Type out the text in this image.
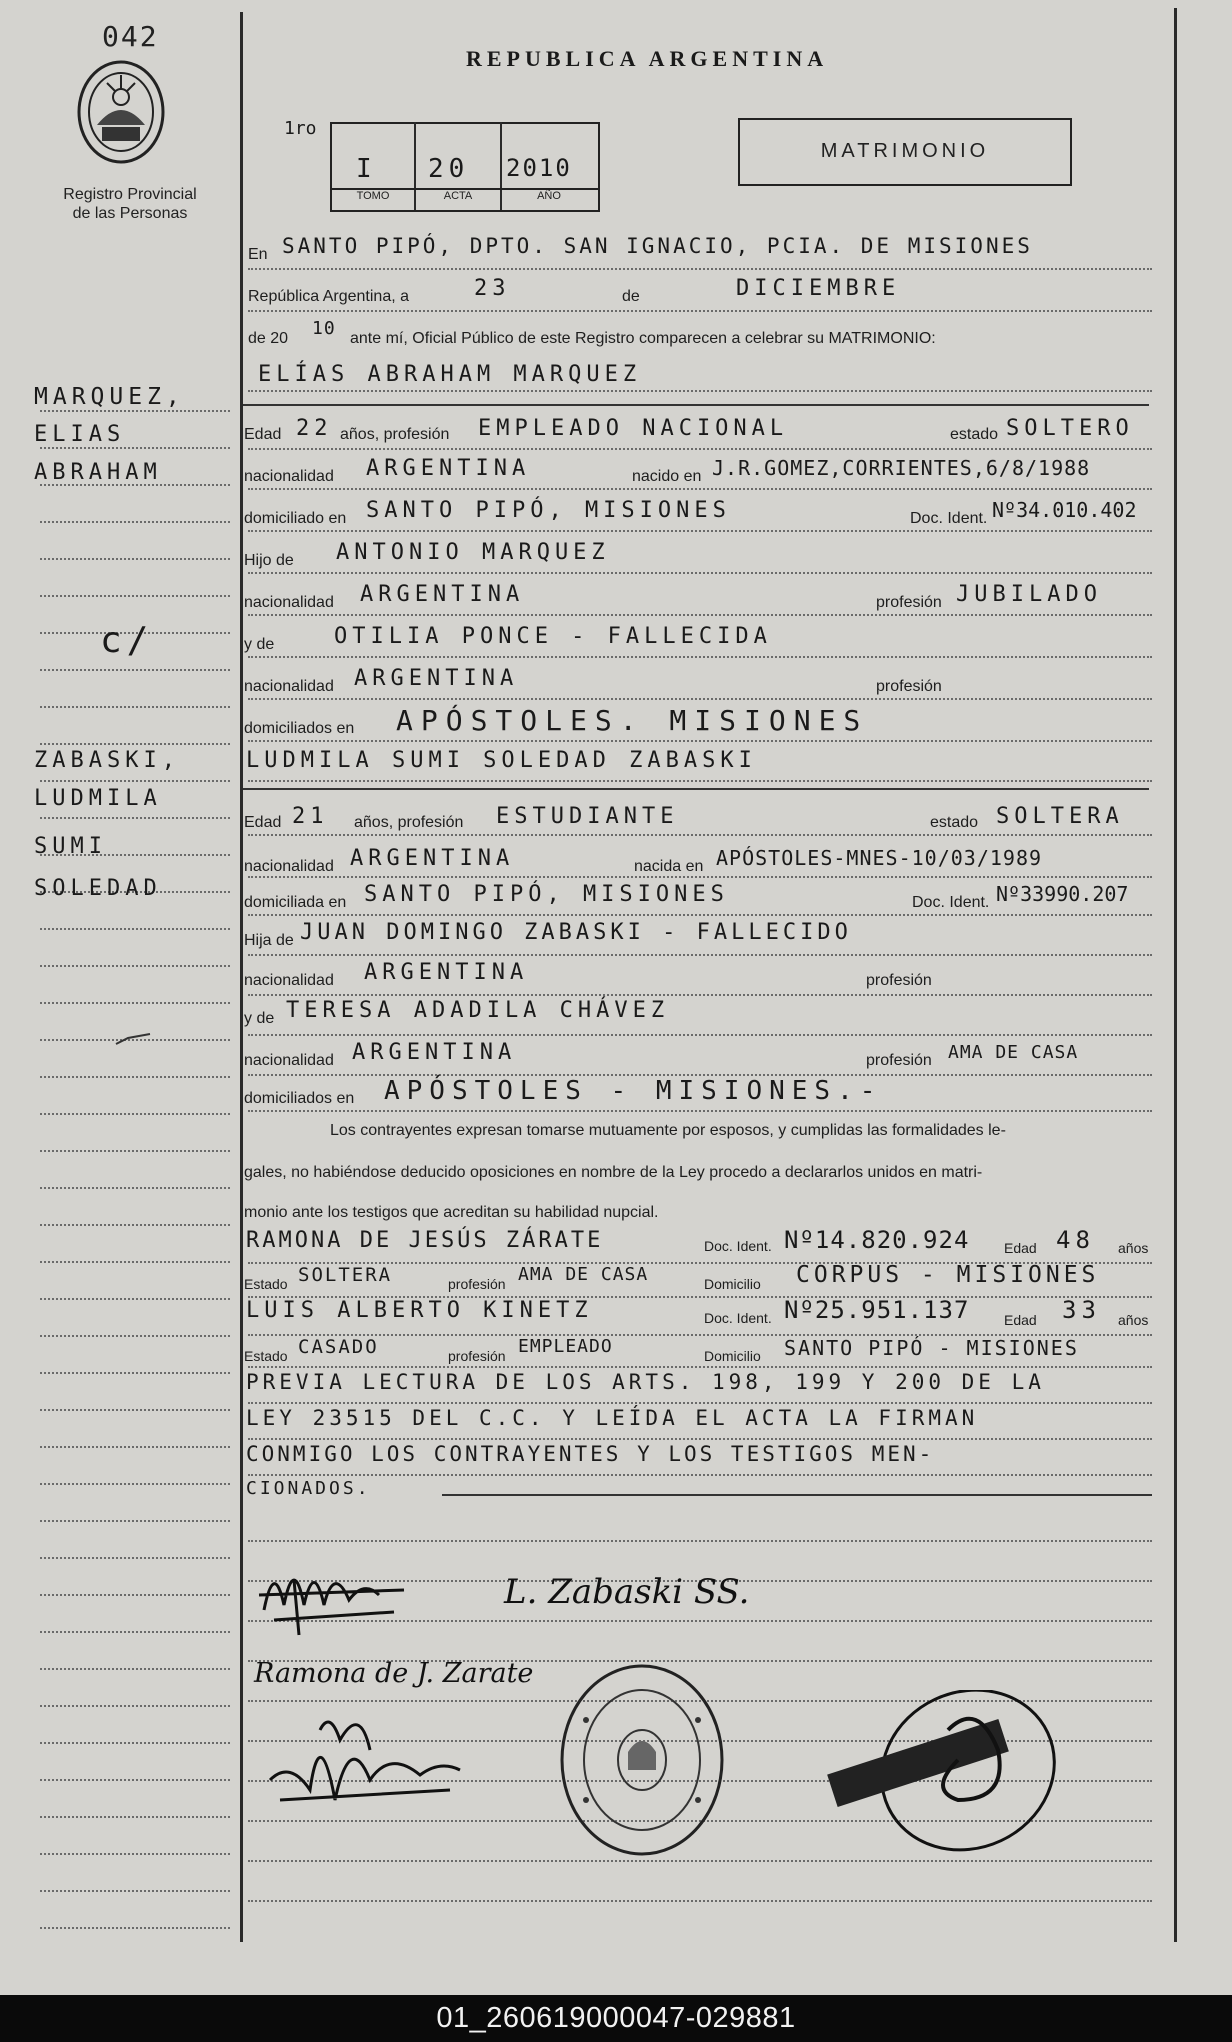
042
Registro Provincial
de las Personas
MARQUEZ,
ELIAS
ABRAHAM
c/
ZABASKI,
LUDMILA
SUMI
SOLEDAD
REPUBLICA ARGENTINA
1ro
I 20 2010
TOMO	ACTA	AÑO
MATRIMONIO
En SANTO PIPÓ, DPTO. SAN IGNACIO, PCIA. DE MISIONES
República Argentina, a	23	de	DICIEMBRE
de 20 10 ante mí, Oficial Público de este Registro comparecen a celebrar su MATRIMONIO:
ELÍAS ABRAHAM MARQUEZ
Edad 22 años, profesión EMPLEADO NACIONAL	estado SOLTERO
nacionalidad ARGENTINA	nacido en J.R.GOMEZ,CORRIENTES,6/8/1988
domiciliado en SANTO PIPÓ, MISIONES	Doc. Ident. Nº34.010.402
Hijo de ANTONIO MARQUEZ
nacionalidad ARGENTINA	profesión JUBILADO
y de	OTILIA PONCE - FALLECIDA
nacionalidad ARGENTINA	profesión
domiciliados en APÓSTOLES. MISIONES
LUDMILA SUMI SOLEDAD ZABASKI
Edad 21 años, profesión ESTUDIANTE	estado SOLTERA
nacionalidad ARGENTINA	nacida en APÓSTOLES-MNES-10/03/1989
domiciliada en SANTO PIPÓ, MISIONES	Doc. Ident. Nº33990.207
Hija de JUAN DOMINGO ZABASKI - FALLECIDO
nacionalidad ARGENTINA	profesión
y de TERESA ADADILA CHÁVEZ
nacionalidad ARGENTINA	profesión AMA DE CASA
domiciliados en APÓSTOLES - MISIONES.-
Los contrayentes expresan tomarse mutuamente por esposos, y cumplidas las formalidades le-
gales, no habiéndose deducido oposiciones en nombre de la Ley procedo a declararlos unidos en matri-
monio ante los testigos que acreditan su habilidad nupcial.
RAMONA DE JESÚS ZÁRATE	Doc. Ident. Nº14.820.924 Edad 48 años
Estado SOLTERA	profesión AMA DE CASA	Domicilio CORPUS - MISIONES
LUIS ALBERTO KINETZ	Doc. Ident. Nº25.951.137 Edad 33 años
Estado CASADO	profesión EMPLEADO	Domicilio SANTO PIPÓ - MISIONES
PREVIA LECTURA DE LOS ARTS. 198, 199 Y 200 DE LA
LEY 23515 DEL C.C. Y LEÍDA EL ACTA LA FIRMAN
CONMIGO LOS CONTRAYENTES Y LOS TESTIGOS MEN-
CIONADOS.
L. Zabaski SS.
Ramona de J. Zarate
01_260619000047-029881
